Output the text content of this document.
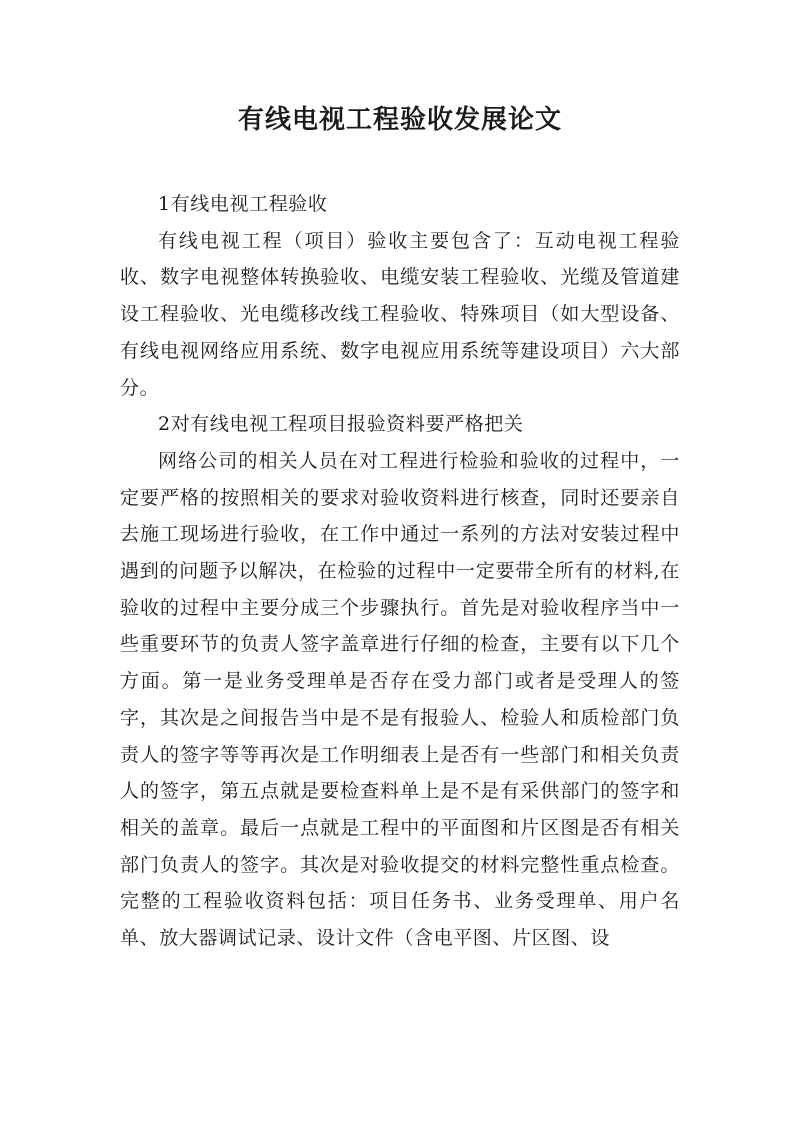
有线电视工程验收发展论文

1有线电视工程验收

有线电视工程（项目）验收主要包含了：互动电视工程验收、数字电视整体转换验收、电缆安装工程验收、光缆及管道建设工程验收、光电缆移改线工程验收、特殊项目（如大型设备、有线电视网络应用系统、数字电视应用系统等建设项目）六大部分。

2对有线电视工程项目报验资料要严格把关

网络公司的相关人员在对工程进行检验和验收的过程中，一定要严格的按照相关的要求对验收资料进行核查，同时还要亲自去施工现场进行验收，在工作中通过一系列的方法对安装过程中遇到的问题予以解决，在检验的过程中一定要带全所有的材料,在验收的过程中主要分成三个步骤执行。首先是对验收程序当中一些重要环节的负责人签字盖章进行仔细的检查，主要有以下几个方面。第一是业务受理单是否存在受力部门或者是受理人的签字，其次是之间报告当中是不是有报验人、检验人和质检部门负责人的签字等等再次是工作明细表上是否有一些部门和相关负责人的签字，第五点就是要检查料单上是不是有采供部门的签字和相关的盖章。最后一点就是工程中的平面图和片区图是否有相关部门负责人的签字。其次是对验收提交的材料完整性重点检查。完整的工程验收资料包括：项目任务书、业务受理单、用户名单、放大器调试记录、设计文件（含电平图、片区图、设
